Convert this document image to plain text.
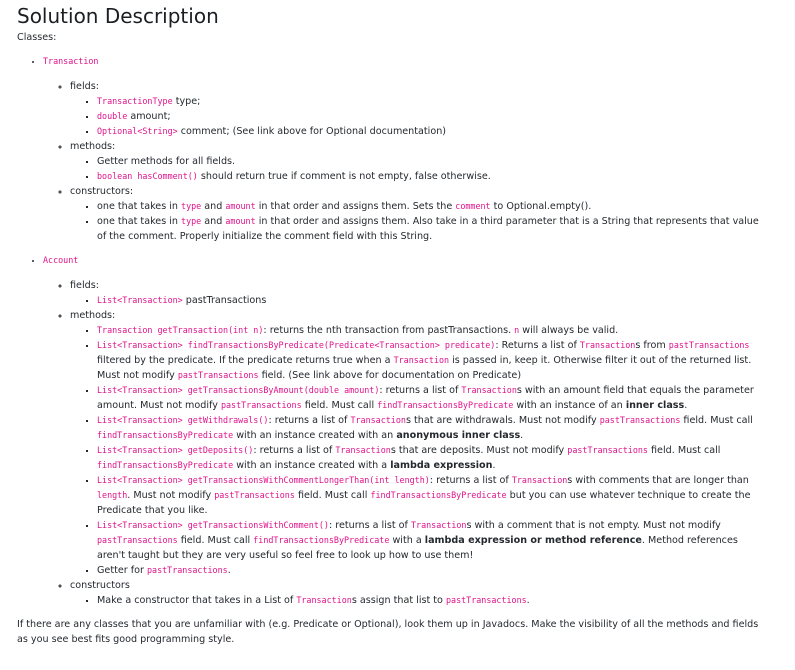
Solution Description

Classes:

• Transaction
◦ fields:
▪ TransactionType type;
▪ double amount;
▪ Optional<String> comment; (See link above for Optional documentation)
◦ methods:
▪ Getter methods for all fields.
▪ boolean hasComment() should return true if comment is not empty, false otherwise.
◦ constructors:
▪ one that takes in type and amount in that order and assigns them. Sets the comment to Optional.empty().
▪ one that takes in type and amount in that order and assigns them. Also take in a third parameter that is a String that represents that value of the comment. Properly initialize the comment field with this String.
• Account
◦ fields:
▪ List<Transaction> pastTransactions
◦ methods:
▪ Transaction getTransaction(int n): returns the nth transaction from pastTransactions. n will always be valid.
▪ List<Transaction> findTransactionsByPredicate(Predicate<Transaction> predicate): Returns a list of Transactions from pastTransactions filtered by the predicate. If the predicate returns true when a Transaction is passed in, keep it. Otherwise filter it out of the returned list. Must not modify pastTransactions field. (See link above for documentation on Predicate)
▪ List<Transaction> getTransactionsByAmount(double amount): returns a list of Transactions with an amount field that equals the parameter amount. Must not modify pastTransactions field. Must call findTransactionsByPredicate with an instance of an inner class.
▪ List<Transaction> getWithdrawals(): returns a list of Transactions that are withdrawals. Must not modify pastTransactions field. Must call findTransactionsByPredicate with an instance created with an anonymous inner class.
▪ List<Transaction> getDeposits(): returns a list of Transactions that are deposits. Must not modify pastTransactions field. Must call findTransactionsByPredicate with an instance created with a lambda expression.
▪ List<Transaction> getTransactionsWithCommentLongerThan(int length): returns a list of Transactions with comments that are longer than length. Must not modify pastTransactions field. Must call findTransactionsByPredicate but you can use whatever technique to create the Predicate that you like.
▪ List<Transaction> getTransactionsWithComment(): returns a list of Transactions with a comment that is not empty. Must not modify pastTransactions field. Must call findTransactionsByPredicate with a lambda expression or method reference. Method references aren't taught but they are very useful so feel free to look up how to use them!
▪ Getter for pastTransactions.
◦ constructors
▪ Make a constructor that takes in a List of Transactions assign that list to pastTransactions.

If there are any classes that you are unfamiliar with (e.g. Predicate or Optional), look them up in Javadocs. Make the visibility of all the methods and fields as you see best fits good programming style.
